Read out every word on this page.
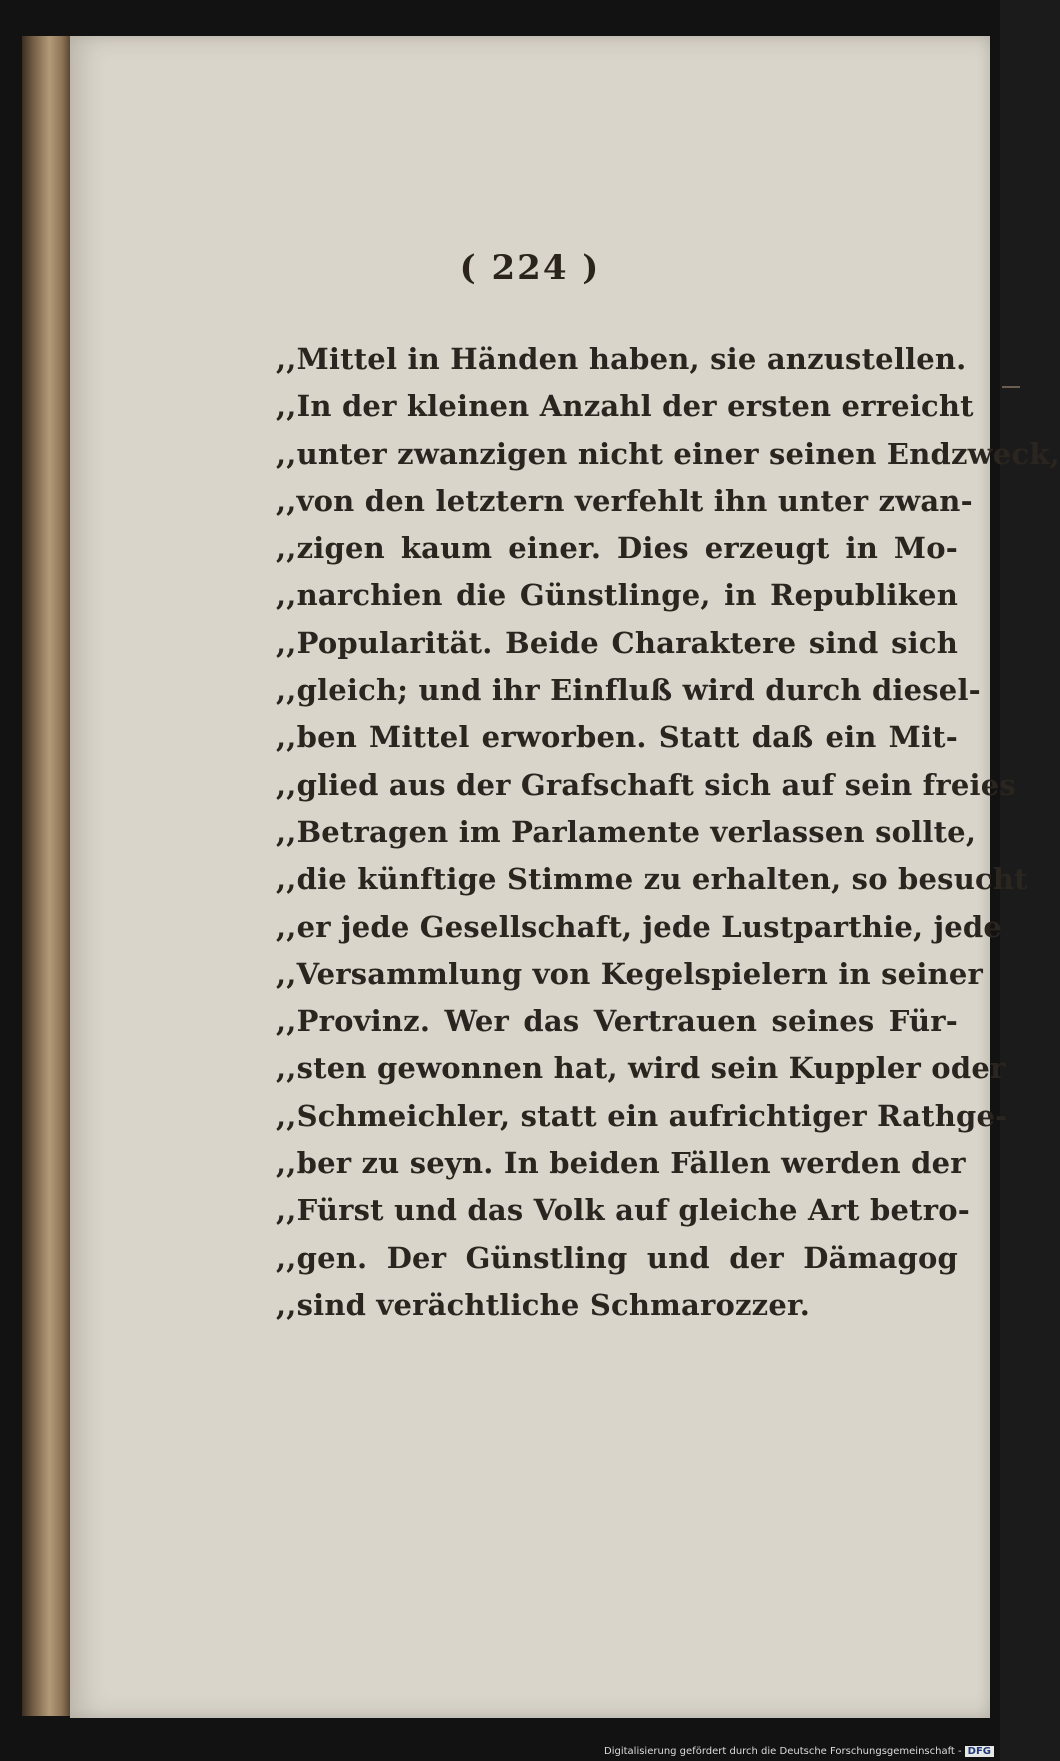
( 224 )
,,Mittel in Händen haben, sie anzustellen.
,,In der kleinen Anzahl der ersten erreicht
,,unter zwanzigen nicht einer seinen Endzweck,
,,von den letztern verfehlt ihn unter zwan-
,,zigen kaum einer. Dies erzeugt in Mo-
,,narchien die Günstlinge, in Republiken
,,Popularität. Beide Charaktere sind sich
,,gleich; und ihr Einfluß wird durch diesel-
,,ben Mittel erworben. Statt daß ein Mit-
,,glied aus der Grafschaft sich auf sein freies
,,Betragen im Parlamente verlassen sollte,
,,die künftige Stimme zu erhalten, so besucht
,,er jede Gesellschaft, jede Lustparthie, jede
,,Versammlung von Kegelspielern in seiner
,,Provinz. Wer das Vertrauen seines Für-
,,sten gewonnen hat, wird sein Kuppler oder
,,Schmeichler, statt ein aufrichtiger Rathge-
,,ber zu seyn. In beiden Fällen werden der
,,Fürst und das Volk auf gleiche Art betro-
,,gen. Der Günstling und der Dämagog
,,sind verächtliche Schmarozzer.
Digitalisierung gefördert durch die Deutsche Forschungsgemeinschaft - DFG
